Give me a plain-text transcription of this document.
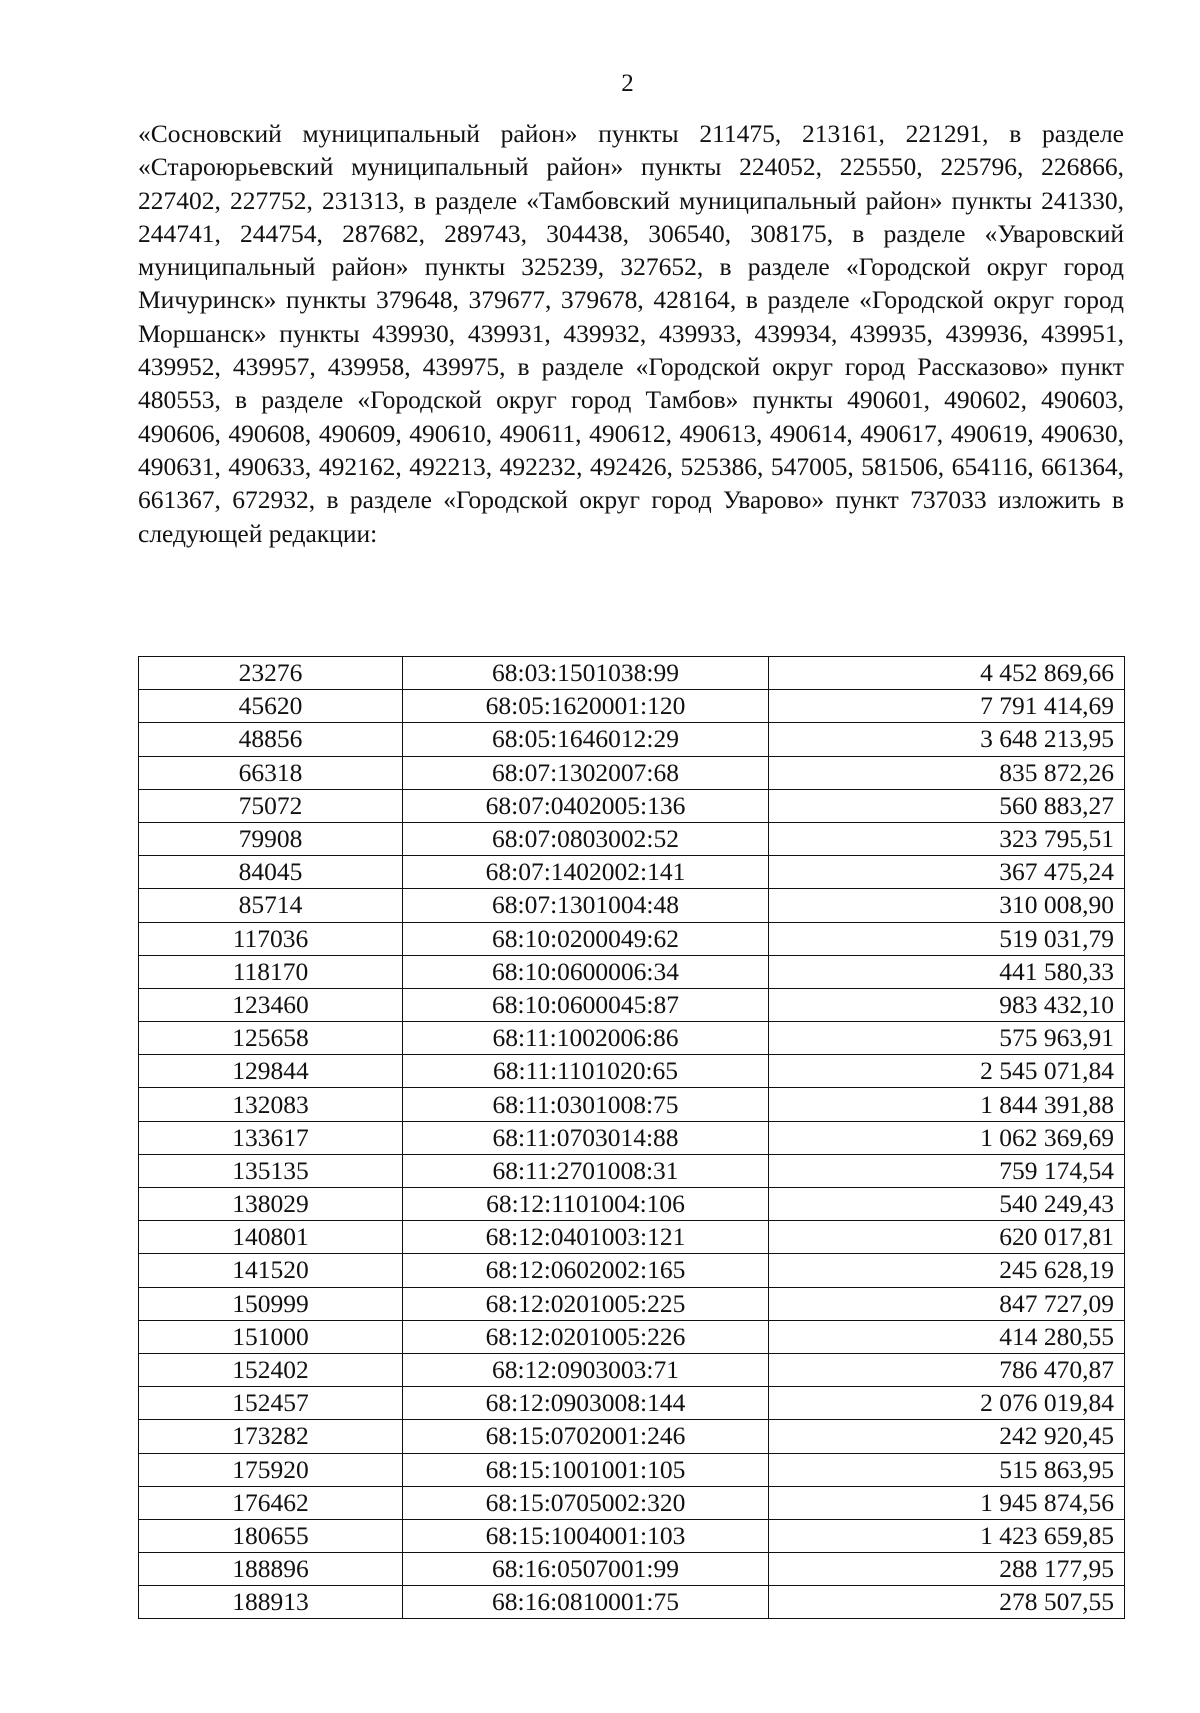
2
«Сосновский муниципальный район» пункты 211475, 213161, 221291, в разделе «Староюрьевский муниципальный район» пункты 224052, 225550, 225796, 226866, 227402, 227752, 231313, в разделе «Тамбовский муниципальный район» пункты 241330, 244741, 244754, 287682, 289743, 304438, 306540, 308175, в разделе «Уваровский муниципальный район» пункты 325239, 327652, в разделе «Городской округ город Мичуринск» пункты 379648, 379677, 379678, 428164, в разделе «Городской округ город Моршанск» пункты 439930, 439931, 439932, 439933, 439934, 439935, 439936, 439951, 439952, 439957, 439958, 439975, в разделе «Городской округ город Рассказово» пункт 480553, в разделе «Городской округ город Тамбов» пункты 490601, 490602, 490603, 490606, 490608, 490609, 490610, 490611, 490612, 490613, 490614, 490617, 490619, 490630, 490631, 490633, 492162, 492213, 492232, 492426, 525386, 547005, 581506, 654116, 661364, 661367, 672932, в разделе «Городской округ город Уварово» пункт 737033 изложить в следующей редакции:
23276	68:03:1501038:99	4 452 869,66
45620	68:05:1620001:120	7 791 414,69
48856	68:05:1646012:29	3 648 213,95
66318	68:07:1302007:68	835 872,26
75072	68:07:0402005:136	560 883,27
79908	68:07:0803002:52	323 795,51
84045	68:07:1402002:141	367 475,24
85714	68:07:1301004:48	310 008,90
117036	68:10:0200049:62	519 031,79
118170	68:10:0600006:34	441 580,33
123460	68:10:0600045:87	983 432,10
125658	68:11:1002006:86	575 963,91
129844	68:11:1101020:65	2 545 071,84
132083	68:11:0301008:75	1 844 391,88
133617	68:11:0703014:88	1 062 369,69
135135	68:11:2701008:31	759 174,54
138029	68:12:1101004:106	540 249,43
140801	68:12:0401003:121	620 017,81
141520	68:12:0602002:165	245 628,19
150999	68:12:0201005:225	847 727,09
151000	68:12:0201005:226	414 280,55
152402	68:12:0903003:71	786 470,87
152457	68:12:0903008:144	2 076 019,84
173282	68:15:0702001:246	242 920,45
175920	68:15:1001001:105	515 863,95
176462	68:15:0705002:320	1 945 874,56
180655	68:15:1004001:103	1 423 659,85
188896	68:16:0507001:99	288 177,95
188913	68:16:0810001:75	278 507,55
